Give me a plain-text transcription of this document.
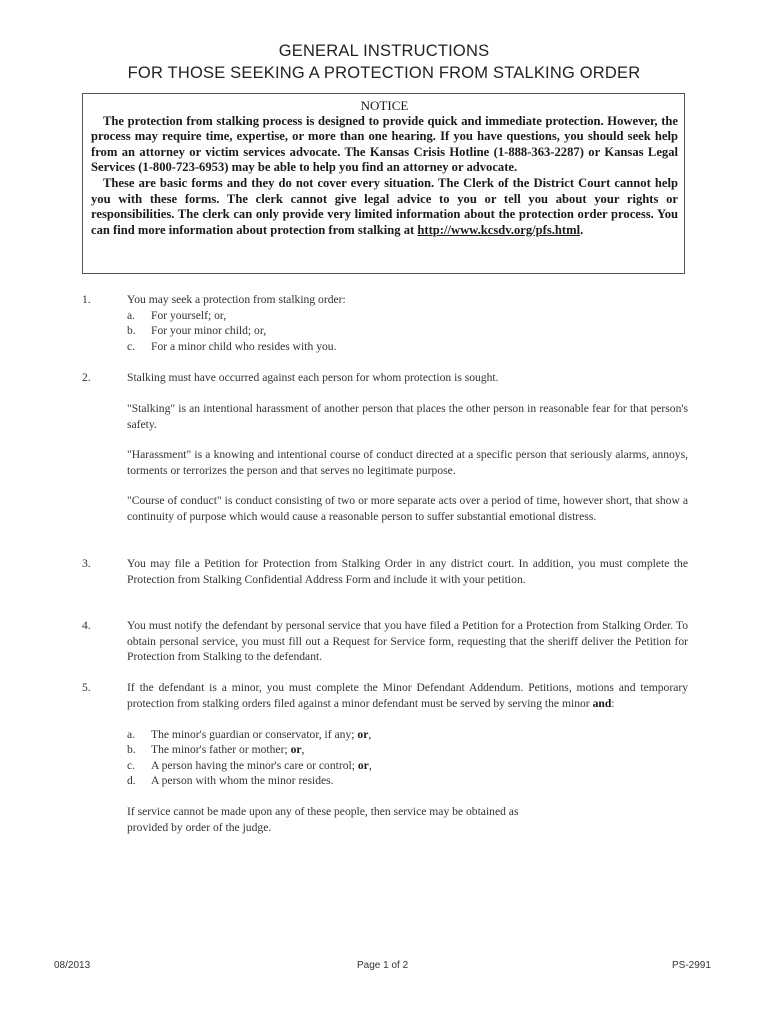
GENERAL INSTRUCTIONS
FOR THOSE SEEKING A PROTECTION FROM STALKING ORDER
NOTICE

The protection from stalking process is designed to provide quick and immediate protection. However, the process may require time, expertise, or more than one hearing. If you have questions, you should seek help from an attorney or victim services advocate. The Kansas Crisis Hotline (1-888-363-2287) or Kansas Legal Services (1-800-723-6953) may be able to help you find an attorney or advocate.

These are basic forms and they do not cover every situation. The Clerk of the District Court cannot help you with these forms. The clerk cannot give legal advice to you or tell you about your rights or responsibilities. The clerk can only provide very limited information about the protection order process. You can find more information about protection from stalking at http://www.kcsdv.org/pfs.html.

1.	You may seek a protection from stalking order:
a. For yourself; or,
b. For your minor child; or,
c. For a minor child who resides with you.
2.	Stalking must have occurred against each person for whom protection is sought.
"Stalking" is an intentional harassment of another person that places the other person in reasonable fear for that person's safety.
"Harassment" is a knowing and intentional course of conduct directed at a specific person that seriously alarms, annoys, torments or terrorizes the person and that serves no legitimate purpose.
"Course of conduct" is conduct consisting of two or more separate acts over a period of time, however short, that show a continuity of purpose which would cause a reasonable person to suffer substantial emotional distress.
3.	You may file a Petition for Protection from Stalking Order in any district court. In addition, you must complete the Protection from Stalking Confidential Address Form and include it with your petition.
4.	You must notify the defendant by personal service that you have filed a Petition for a Protection from Stalking Order. To obtain personal service, you must fill out a Request for Service form, requesting that the sheriff deliver the Petition for Protection from Stalking to the defendant.
5.	If the defendant is a minor, you must complete the Minor Defendant Addendum. Petitions, motions and temporary protection from stalking orders filed against a minor defendant must be served by serving the minor and:
a. The minor's guardian or conservator, if any; or,
b. The minor's father or mother; or,
c. A person having the minor's care or control; or,
d. A person with whom the minor resides.
If service cannot be made upon any of these people, then service may be obtained as
provided by order of the judge.
08/2013	Page 1 of 2	PS-2991
